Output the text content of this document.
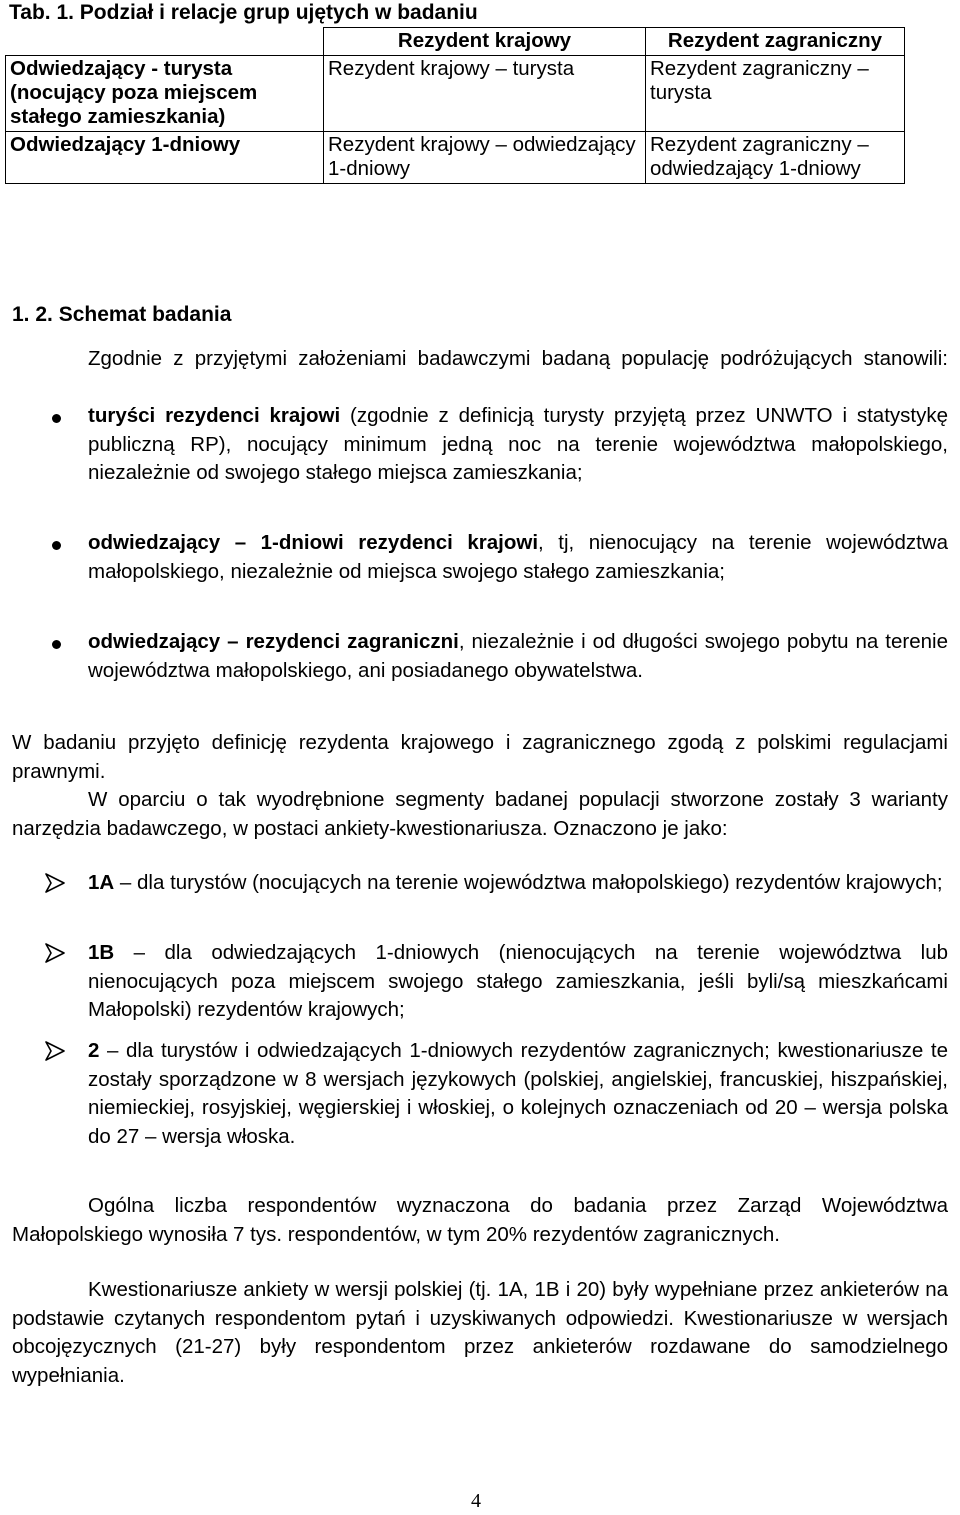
Tab. 1. Podział i relacje grup ujętych w badaniu
	Rezydent krajowy	Rezydent zagraniczny
Odwiedzający - turysta (nocujący poza miejscem stałego zamieszkania)	Rezydent krajowy – turysta	Rezydent zagraniczny – turysta
Odwiedzający 1-dniowy	Rezydent krajowy – odwiedzający 1-dniowy	Rezydent zagraniczny – odwiedzający 1-dniowy
1. 2. Schemat badania
Zgodnie z przyjętymi założeniami badawczymi badaną populację podróżujących stanowili:
turyści rezydenci krajowi (zgodnie z definicją turysty przyjętą przez UNWTO i statystykę publiczną RP), nocujący minimum jedną noc na terenie województwa małopolskiego, niezależnie od swojego stałego miejsca zamieszkania;
odwiedzający – 1-dniowi rezydenci krajowi, tj, nienocujący na terenie województwa małopolskiego, niezależnie od miejsca swojego stałego zamieszkania;
odwiedzający – rezydenci zagraniczni, niezależnie i od długości swojego pobytu na terenie województwa małopolskiego, ani posiadanego obywatelstwa.
W badaniu przyjęto definicję rezydenta krajowego i zagranicznego zgodą z polskimi regulacjami prawnymi.
W oparciu o tak wyodrębnione segmenty badanej populacji stworzone zostały 3 warianty narzędzia badawczego, w postaci ankiety-kwestionariusza. Oznaczono je jako:
1A – dla turystów (nocujących na terenie województwa małopolskiego) rezydentów krajowych;
1B – dla odwiedzających 1-dniowych (nienocujących na terenie województwa lub nienocujących poza miejscem swojego stałego zamieszkania, jeśli byli/są mieszkańcami Małopolski) rezydentów krajowych;
2 – dla turystów i odwiedzających 1-dniowych rezydentów zagranicznych; kwestionariusze te zostały sporządzone w 8 wersjach językowych (polskiej, angielskiej, francuskiej, hiszpańskiej, niemieckiej, rosyjskiej, węgierskiej i włoskiej, o kolejnych oznaczeniach od 20 – wersja polska do 27 – wersja włoska.
Ogólna liczba respondentów wyznaczona do badania przez Zarząd Województwa Małopolskiego wynosiła 7 tys. respondentów, w tym 20% rezydentów zagranicznych.
Kwestionariusze ankiety w wersji polskiej (tj. 1A, 1B i 20) były wypełniane przez ankieterów na podstawie czytanych respondentom pytań i uzyskiwanych odpowiedzi. Kwestionariusze w wersjach obcojęzycznych (21-27) były respondentom przez ankieterów rozdawane do samodzielnego wypełniania.
4
